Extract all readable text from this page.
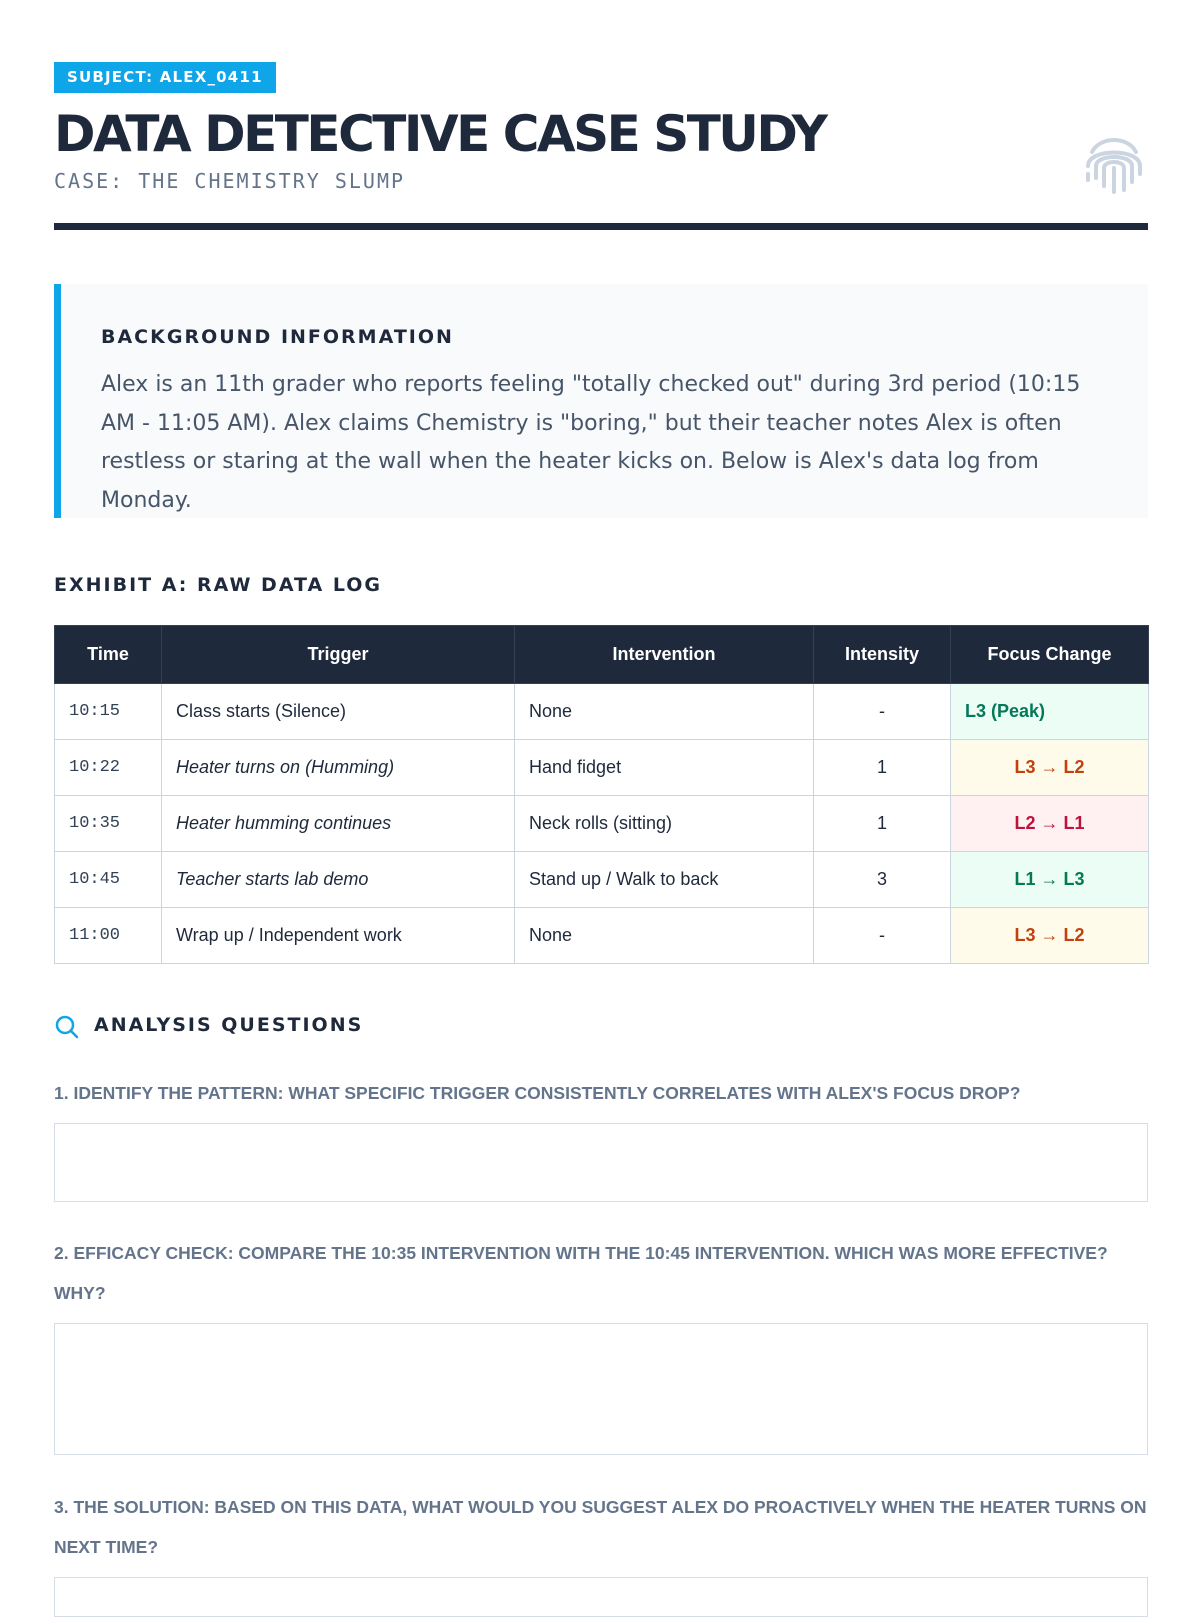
SUBJECT: ALEX_0411
DATA DETECTIVE CASE STUDY
CASE: THE CHEMISTRY SLUMP
BACKGROUND INFORMATION

Alex is an 11th grader who reports feeling "totally checked out" during 3rd period (10:15 AM - 11:05 AM). Alex claims Chemistry is "boring," but their teacher notes Alex is often restless or staring at the wall when the heater kicks on. Below is Alex's data log from Monday.

EXHIBIT A: RAW DATA LOG
Time	Trigger	Intervention	Intensity	Focus Change
10:15	Class starts (Silence)	None	-	L3 (Peak)
10:22	Heater turns on (Humming)	Hand fidget	1	L3 → L2
10:35	Heater humming continues	Neck rolls (sitting)	1	L2 → L1
10:45	Teacher starts lab demo	Stand up / Walk to back	3	L1 → L3
11:00	Wrap up / Independent work	None	-	L3 → L2
ANALYSIS QUESTIONS

1. IDENTIFY THE PATTERN: WHAT SPECIFIC TRIGGER CONSISTENTLY CORRELATES WITH ALEX'S FOCUS DROP?

2. EFFICACY CHECK: COMPARE THE 10:35 INTERVENTION WITH THE 10:45 INTERVENTION. WHICH WAS MORE EFFECTIVE? WHY?

3. THE SOLUTION: BASED ON THIS DATA, WHAT WOULD YOU SUGGEST ALEX DO PROACTIVELY WHEN THE HEATER TURNS ON NEXT TIME?
